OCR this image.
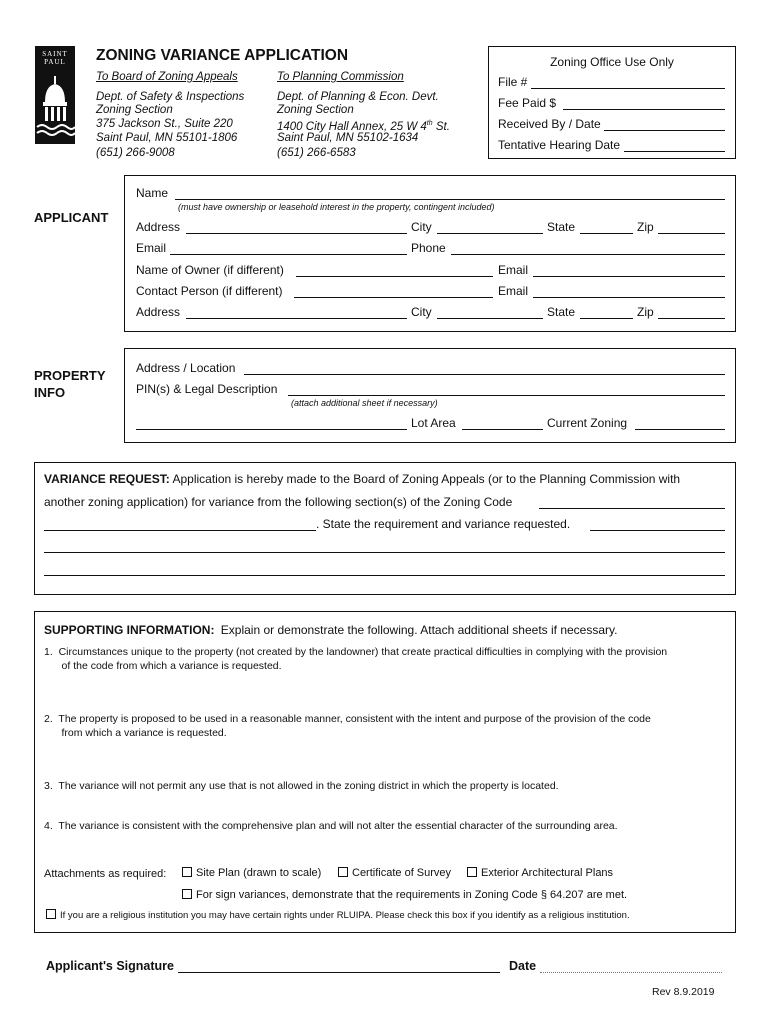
SAINT
PAUL	ZONING VARIANCE APPLICATION
To Board of Zoning Appeals
Dept. of Safety & Inspections
Zoning Section
375 Jackson St., Suite 220
Saint Paul, MN 55101-1806
(651) 266-9008
To Planning Commission
Dept. of Planning & Econ. Devt.
Zoning Section
1400 City Hall Annex, 25 W 4th St.
Saint Paul, MN 55102-1634
(651) 266-6583
Zoning Office Use Only
File #
Fee Paid $
Received By / Date
Tentative Hearing Date
APPLICANT
Name
(must have ownership or leasehold interest in the property, contingent included)
Address	City	State	Zip
Email	Phone
Name of Owner (if different)	Email
Contact Person (if different)	Email
Address	City	State	Zip
PROPERTY
INFO
Address / Location
PIN(s) & Legal Description
(attach additional sheet if necessary)
Lot Area	Current Zoning
VARIANCE REQUEST: Application is hereby made to the Board of Zoning Appeals (or to the Planning Commission with
another zoning application) for variance from the following section(s) of the Zoning Code
. State the requirement and variance requested.
SUPPORTING INFORMATION: Explain or demonstrate the following. Attach additional sheets if necessary.
1.  Circumstances unique to the property (not created by the landowner) that create practical difficulties in complying with the provision
of the code from which a variance is requested.
2.  The property is proposed to be used in a reasonable manner, consistent with the intent and purpose of the provision of the code
from which a variance is requested.
3.  The variance will not permit any use that is not allowed in the zoning district in which the property is located.
4.  The variance is consistent with the comprehensive plan and will not alter the essential character of the surrounding area.
Attachments as required:	Site Plan (drawn to scale)	Certificate of Survey	Exterior Architectural Plans
For sign variances, demonstrate that the requirements in Zoning Code § 64.207 are met.
If you are a religious institution you may have certain rights under RLUIPA. Please check this box if you identify as a religious institution.
Applicant's Signature	Date
Rev 8.9.2019
